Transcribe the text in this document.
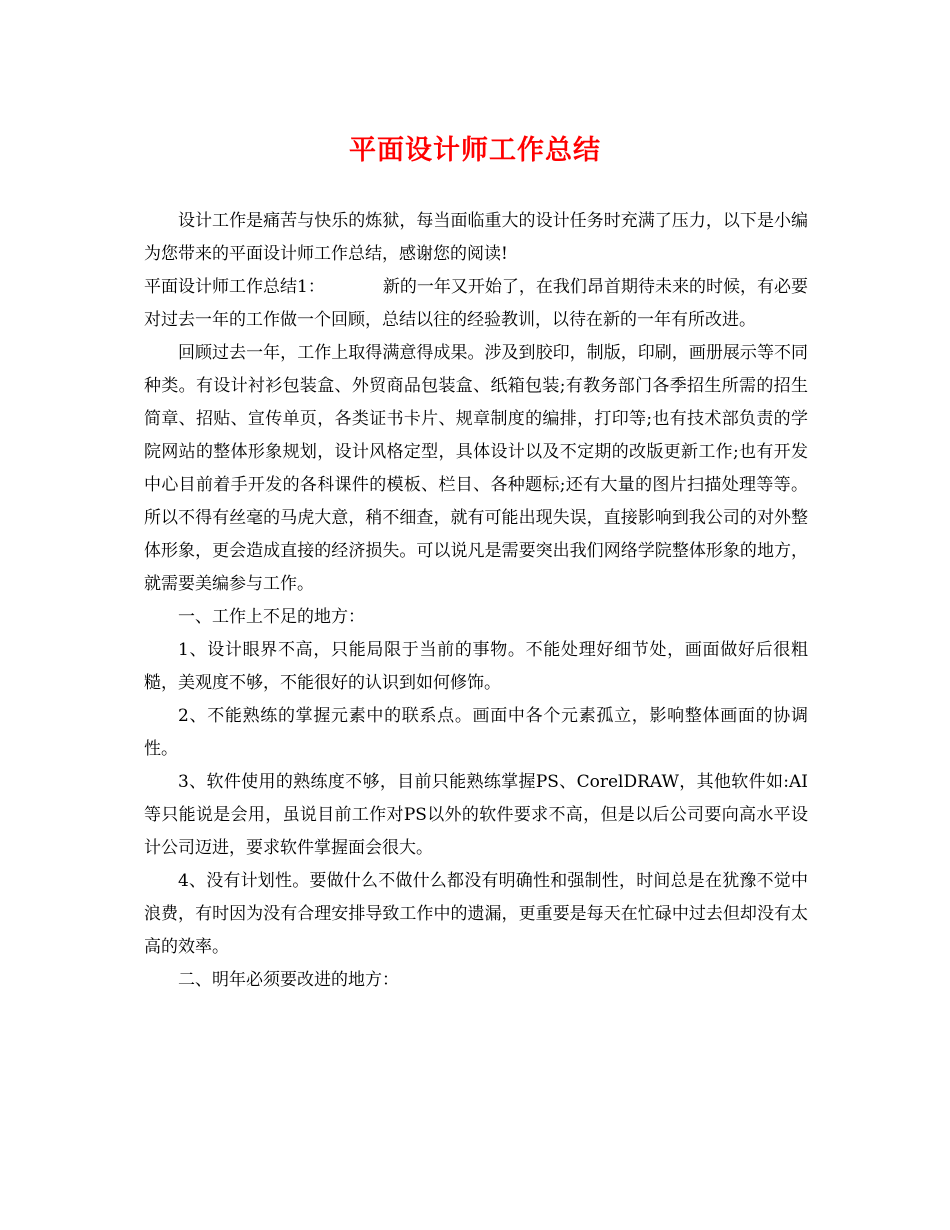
平面设计师工作总结

设计工作是痛苦与快乐的炼狱，每当面临重大的设计任务时充满了压力，以下是小编为您带来的平面设计师工作总结，感谢您的阅读!

平面设计师工作总结1：	新的一年又开始了，在我们昂首期待未来的时候，有必要对过去一年的工作做一个回顾，总结以往的经验教训，以待在新的一年有所改进。

回顾过去一年，工作上取得满意得成果。涉及到胶印，制版，印刷，画册展示等不同种类。有设计衬衫包装盒、外贸商品包装盒、纸箱包装;有教务部门各季招生所需的招生简章、招贴、宣传单页，各类证书卡片、规章制度的编排，打印等;也有技术部负责的学院网站的整体形象规划，设计风格定型，具体设计以及不定期的改版更新工作;也有开发中心目前着手开发的各科课件的模板、栏目、各种题标;还有大量的图片扫描处理等等。所以不得有丝毫的马虎大意，稍不细查，就有可能出现失误，直接影响到我公司的对外整体形象，更会造成直接的经济损失。可以说凡是需要突出我们网络学院整体形象的地方，就需要美编参与工作。

一、工作上不足的地方：

1、设计眼界不高，只能局限于当前的事物。不能处理好细节处，画面做好后很粗糙，美观度不够，不能很好的认识到如何修饰。

2、不能熟练的掌握元素中的联系点。画面中各个元素孤立，影响整体画面的协调性。

3、软件使用的熟练度不够，目前只能熟练掌握PS、CorelDRAW，其他软件如:AI 等只能说是会用，虽说目前工作对PS以外的软件要求不高，但是以后公司要向高水平设计公司迈进，要求软件掌握面会很大。

4、没有计划性。要做什么不做什么都没有明确性和强制性，时间总是在犹豫不觉中浪费，有时因为没有合理安排导致工作中的遗漏，更重要是每天在忙碌中过去但却没有太高的效率。

二、明年必须要改进的地方：
